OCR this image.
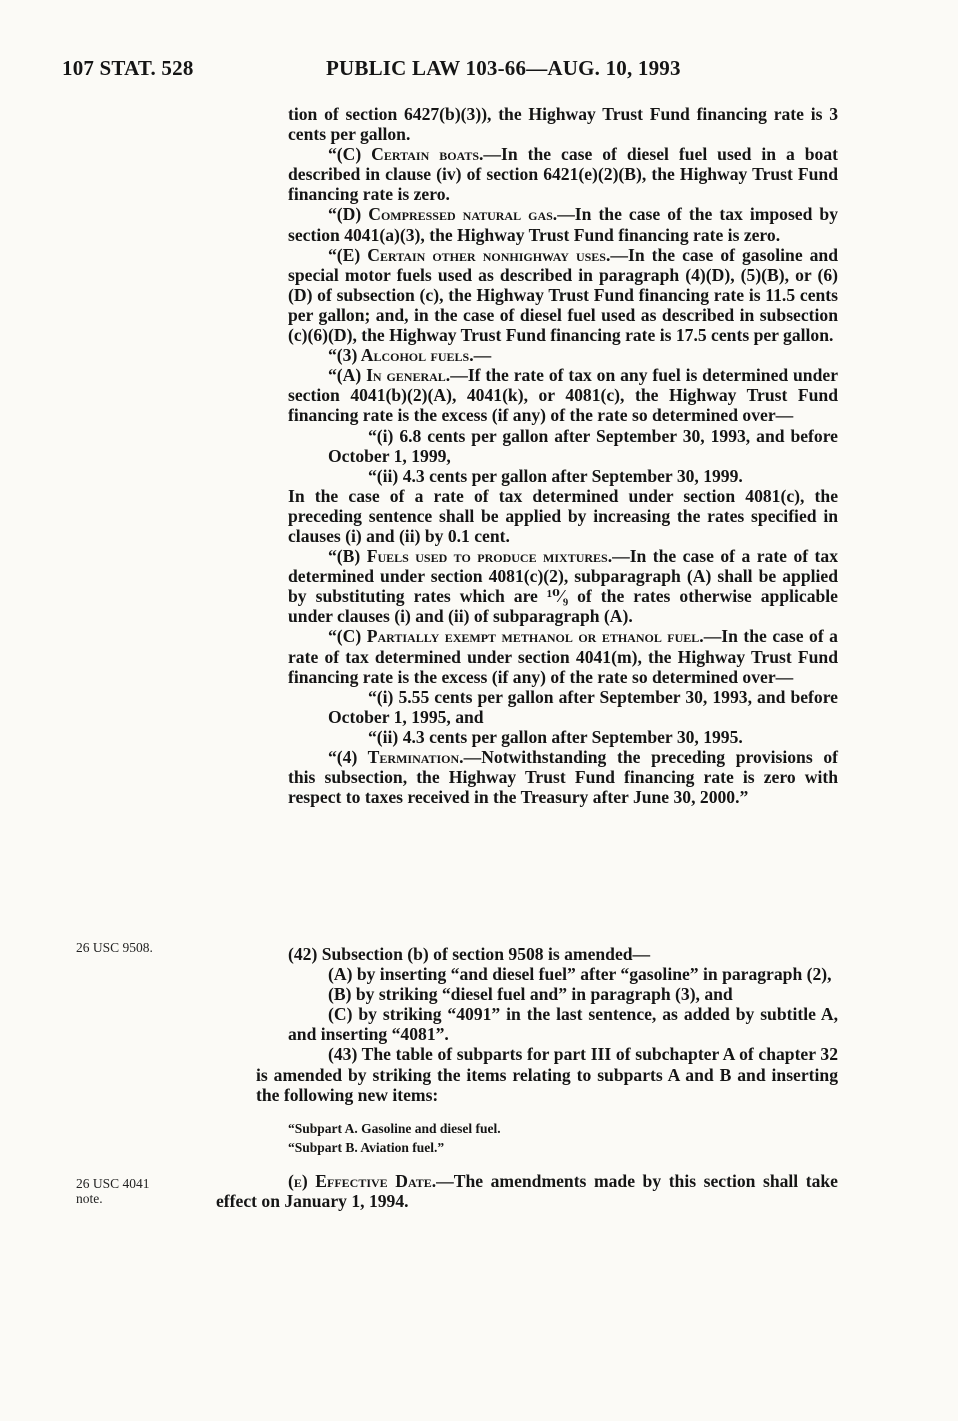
107 STAT. 528	PUBLIC LAW 103-66—AUG. 10, 1993

tion of section 6427(b)(3)), the Highway Trust Fund financing rate is 3 cents per gallon.

“(C) Certain boats.—In the case of diesel fuel used in a boat described in clause (iv) of section 6421(e)(2)(B), the Highway Trust Fund financing rate is zero.

“(D) Compressed natural gas.—In the case of the tax imposed by section 4041(a)(3), the Highway Trust Fund financing rate is zero.

“(E) Certain other nonhighway uses.—In the case of gasoline and special motor fuels used as described in paragraph (4)(D), (5)(B), or (6)(D) of subsection (c), the Highway Trust Fund financing rate is 11.5 cents per gallon; and, in the case of diesel fuel used as described in subsection (c)(6)(D), the Highway Trust Fund financing rate is 17.5 cents per gallon.

“(3) Alcohol fuels.—

“(A) In general.—If the rate of tax on any fuel is determined under section 4041(b)(2)(A), 4041(k), or 4081(c), the Highway Trust Fund financing rate is the excess (if any) of the rate so determined over—

“(i) 6.8 cents per gallon after September 30, 1993, and before October 1, 1999,

“(ii) 4.3 cents per gallon after September 30, 1999.

In the case of a rate of tax determined under section 4081(c), the preceding sentence shall be applied by increasing the rates specified in clauses (i) and (ii) by 0.1 cent.

“(B) Fuels used to produce mixtures.—In the case of a rate of tax determined under section 4081(c)(2), subparagraph (A) shall be applied by substituting rates which are ¹⁰⁄₉ of the rates otherwise applicable under clauses (i) and (ii) of subparagraph (A).

“(C) Partially exempt methanol or ethanol fuel.—In the case of a rate of tax determined under section 4041(m), the Highway Trust Fund financing rate is the excess (if any) of the rate so determined over—

“(i) 5.55 cents per gallon after September 30, 1993, and before October 1, 1995, and

“(ii) 4.3 cents per gallon after September 30, 1995.

“(4) Termination.—Notwithstanding the preceding provisions of this subsection, the Highway Trust Fund financing rate is zero with respect to taxes received in the Treasury after June 30, 2000.”

26 USC 9508.
26 USC 4041
note.

(42) Subsection (b) of section 9508 is amended—

(A) by inserting “and diesel fuel” after “gasoline” in paragraph (2),

(B) by striking “diesel fuel and” in paragraph (3), and

(C) by striking “4091” in the last sentence, as added by subtitle A, and inserting “4081”.

(43) The table of subparts for part III of subchapter A of chapter 32 is amended by striking the items relating to subparts A and B and inserting the following new items:

“Subpart A. Gasoline and diesel fuel.
“Subpart B. Aviation fuel.”

(e) Effective Date.—The amendments made by this section shall take effect on January 1, 1994.
